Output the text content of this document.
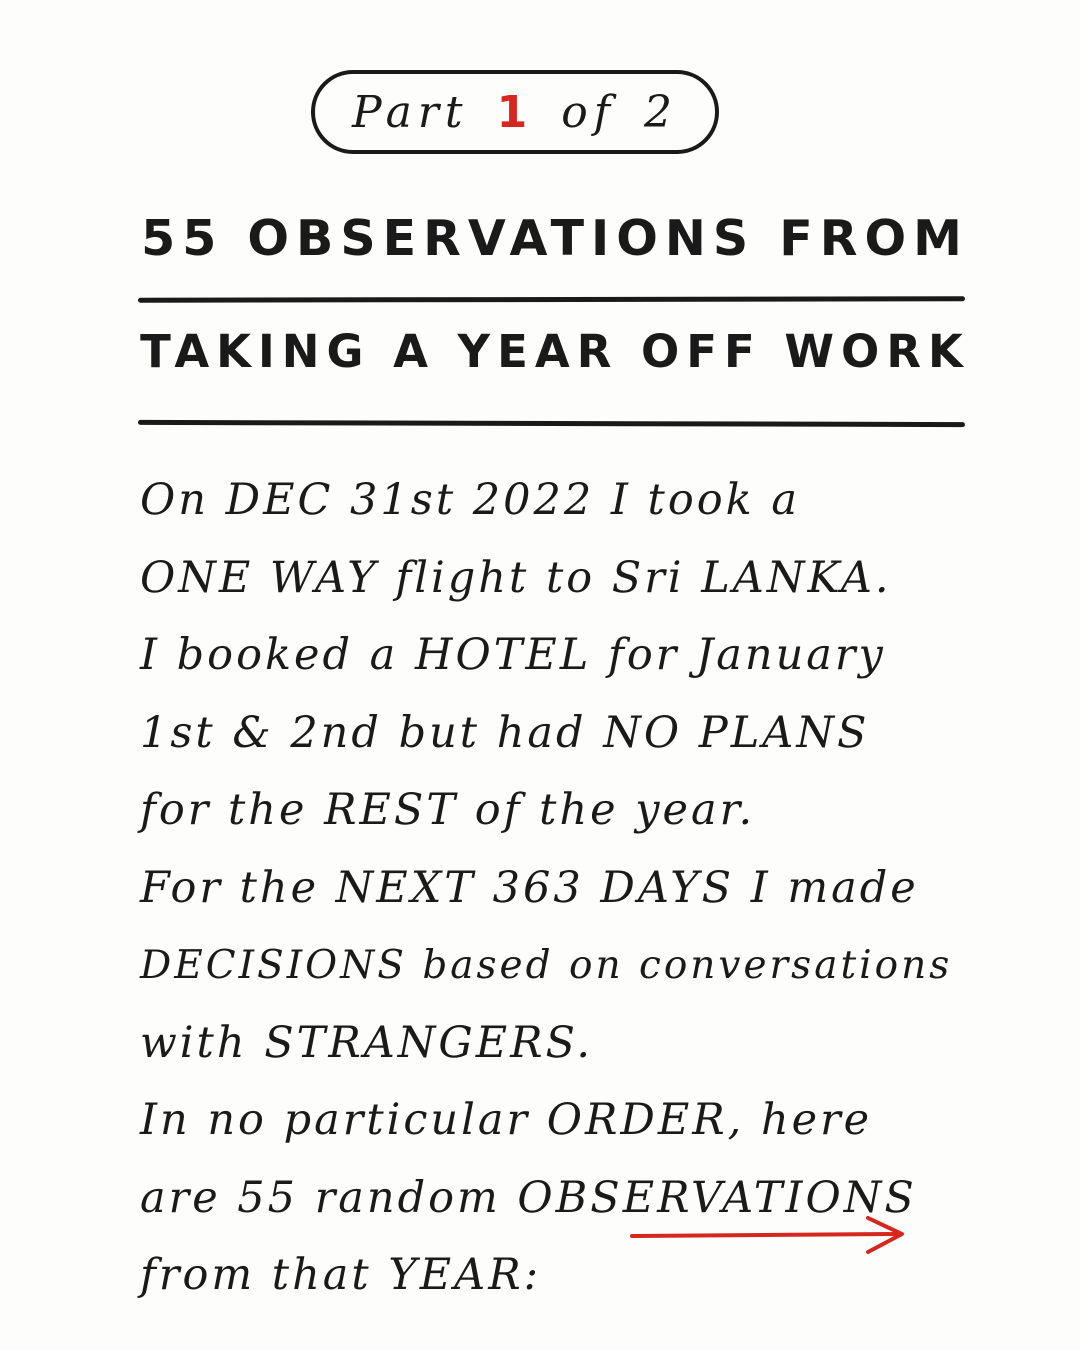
Part 1 of 2
55 OBSERVATIONS FROM
TAKING A YEAR OFF WORK
On DEC 31st 2022 I took a
ONE WAY flight to Sri LANKA.
I booked a HOTEL for January
1st & 2nd but had NO PLANS
for the REST of the year.
For the NEXT 363 DAYS I made
DECISIONS based on conversations
with STRANGERS.
In no particular ORDER, here
are 55 random OBSERVATIONS
from that YEAR:
